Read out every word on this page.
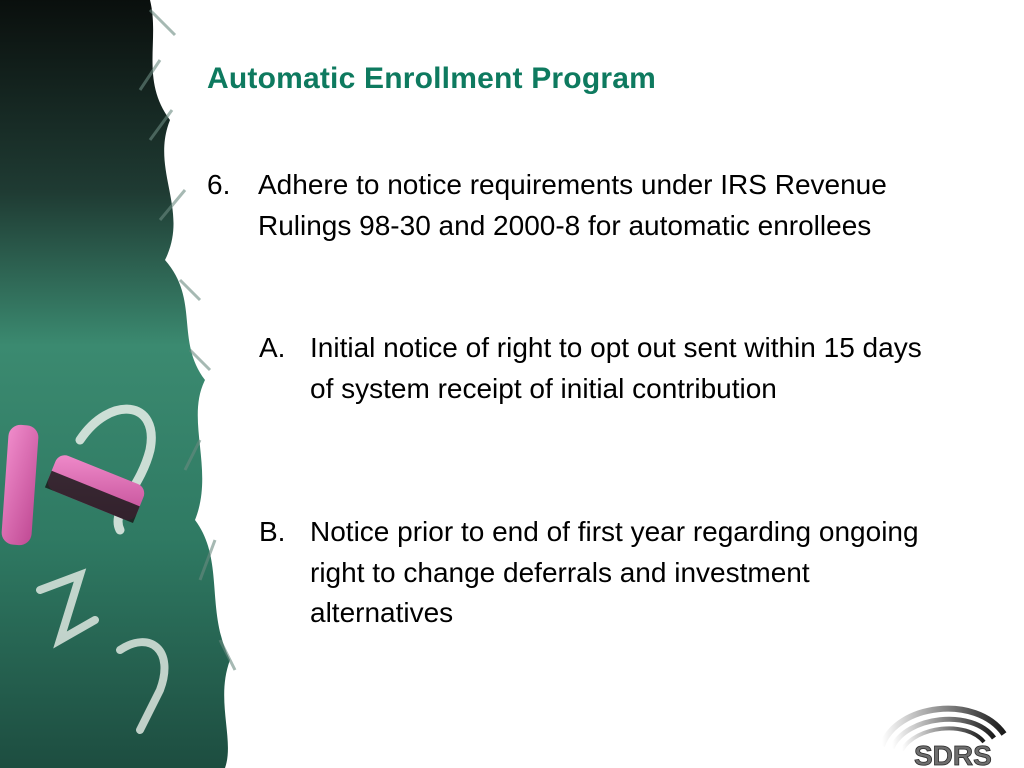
Automatic Enrollment Program
6. Adhere to notice requirements under IRS Revenue Rulings 98-30 and 2000-8 for automatic enrollees
A. Initial notice of right to opt out sent within 15 days of system receipt of initial contribution
B. Notice prior to end of first year regarding ongoing right to change deferrals and investment alternatives
SDRS
